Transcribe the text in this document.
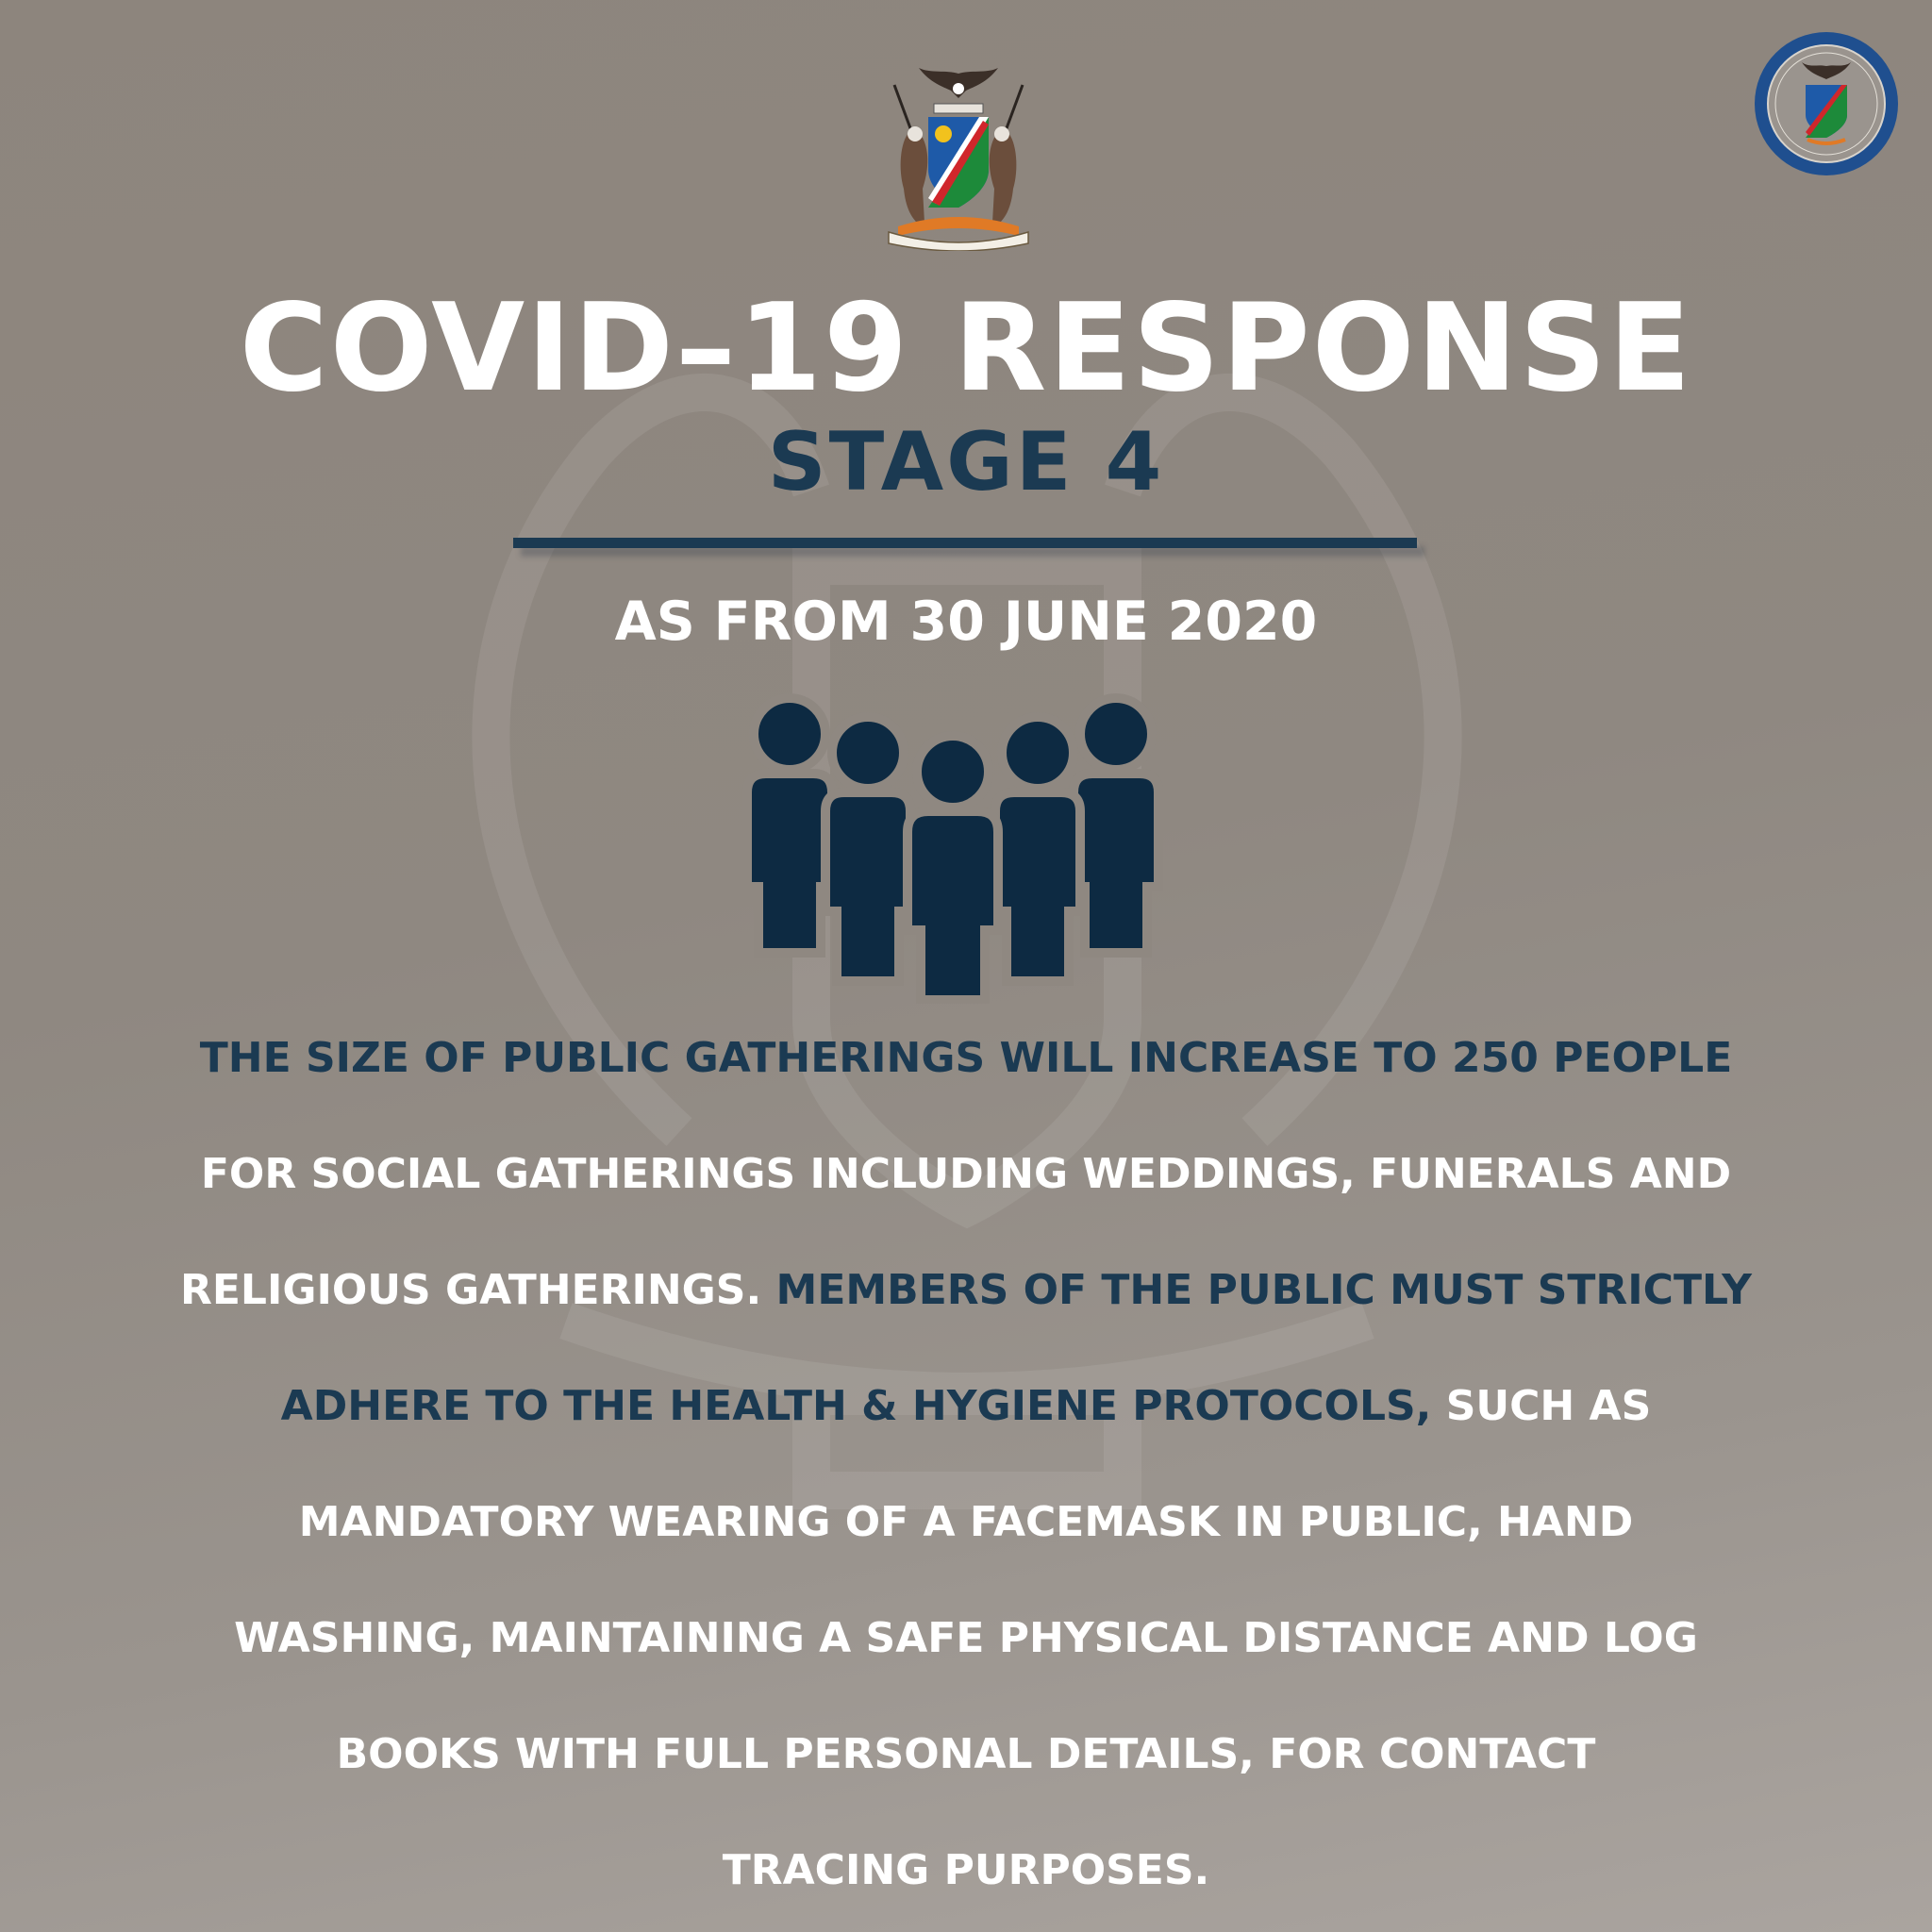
COVID–19 RESPONSE
STAGE 4
AS FROM 30 JUNE 2020
THE SIZE OF PUBLIC GATHERINGS WILL INCREASE TO 250 PEOPLE
FOR SOCIAL GATHERINGS INCLUDING WEDDINGS, FUNERALS AND
RELIGIOUS GATHERINGS. MEMBERS OF THE PUBLIC MUST STRICTLY
ADHERE TO THE HEALTH & HYGIENE PROTOCOLS, SUCH AS
MANDATORY WEARING OF A FACEMASK IN PUBLIC, HAND
WASHING, MAINTAINING A SAFE PHYSICAL DISTANCE AND LOG
BOOKS WITH FULL PERSONAL DETAILS, FOR CONTACT
TRACING PURPOSES.
